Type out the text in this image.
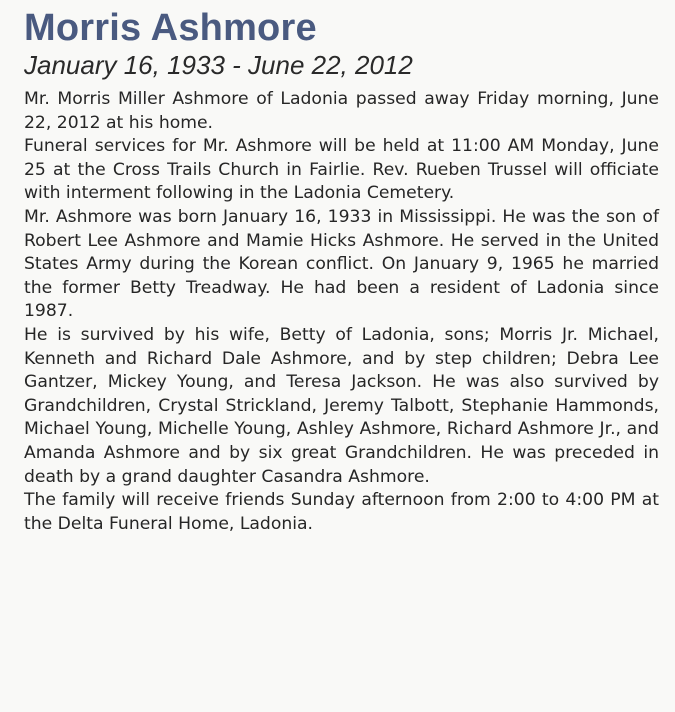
Morris Ashmore
January 16, 1933 - June 22, 2012

Mr. Morris Miller Ashmore of Ladonia passed away Friday morning, June 22, 2012 at his home.

Funeral services for Mr. Ashmore will be held at 11:00 AM Monday, June 25 at the Cross Trails Church in Fairlie. Rev. Rueben Trussel will officiate with interment following in the Ladonia Cemetery.

Mr. Ashmore was born January 16, 1933 in Mississippi. He was the son of Robert Lee Ashmore and Mamie Hicks Ashmore. He served in the United States Army during the Korean conflict. On January 9, 1965 he married the former Betty Treadway. He had been a resident of Ladonia since 1987.

He is survived by his wife, Betty of Ladonia, sons; Morris Jr. Michael, Kenneth and Richard Dale Ashmore, and by step children; Debra Lee Gantzer, Mickey Young, and Teresa Jackson. He was also survived by Grandchildren, Crystal Strickland, Jeremy Talbott, Stephanie Hammonds, Michael Young, Michelle Young, Ashley Ashmore, Richard Ashmore Jr., and Amanda Ashmore and by six great Grandchildren. He was preceded in death by a grand daughter Casandra Ashmore.

The family will receive friends Sunday afternoon from 2:00 to 4:00 PM at the Delta Funeral Home, Ladonia.
